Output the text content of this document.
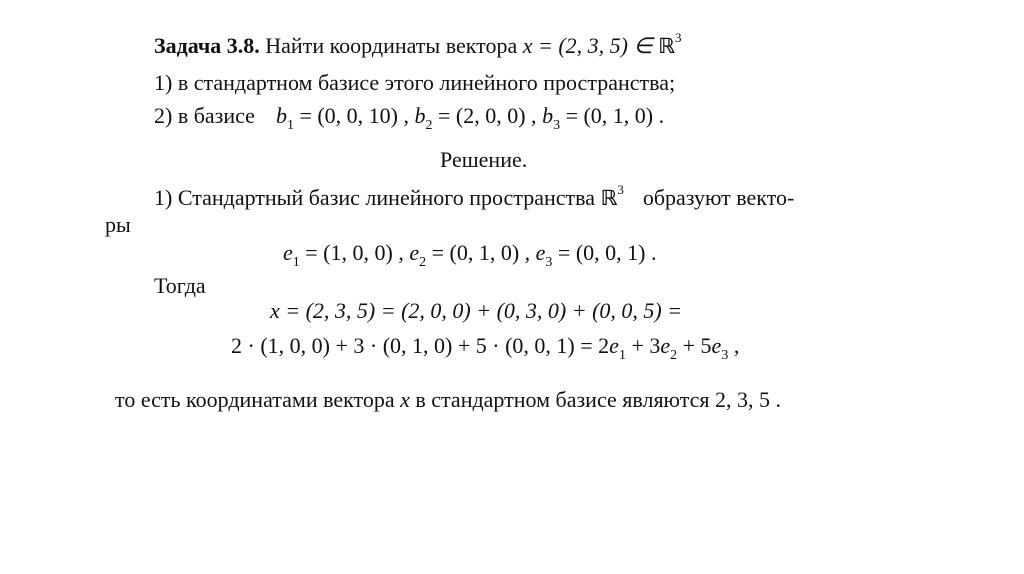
Задача 3.8. Найти координаты вектора x = (2, 3, 5) ∈ ℝ$^3$
1) в стандартном базисе этого линейного пространства;
2) в базисе $b_1 = (0$, 0, 10) , $b_2 = (2$, 0, 0) , $b_3 = (0$, 1, 0) .
Решение.
1) Стандартный базис линейного пространства ℝ$^3$ образуют векто-
ры
$e_1 = (1$, 0, 0) , $e_2 = (0$, 1, 0) , $e_3 = (0$, 0, 1) .
Тогда
x = (2, 3, 5) = (2, 0, 0) + (0, 3, 0) + (0, 0, 5) =
2 · (1, 0, 0) + 3 · (0, 1, 0) + 5 · (0, 0, $1) = 2e_1 + 3e_2 + 5e_3$ ,
то есть координатами вектора x в стандартном базисе являются 2, 3, 5 .
